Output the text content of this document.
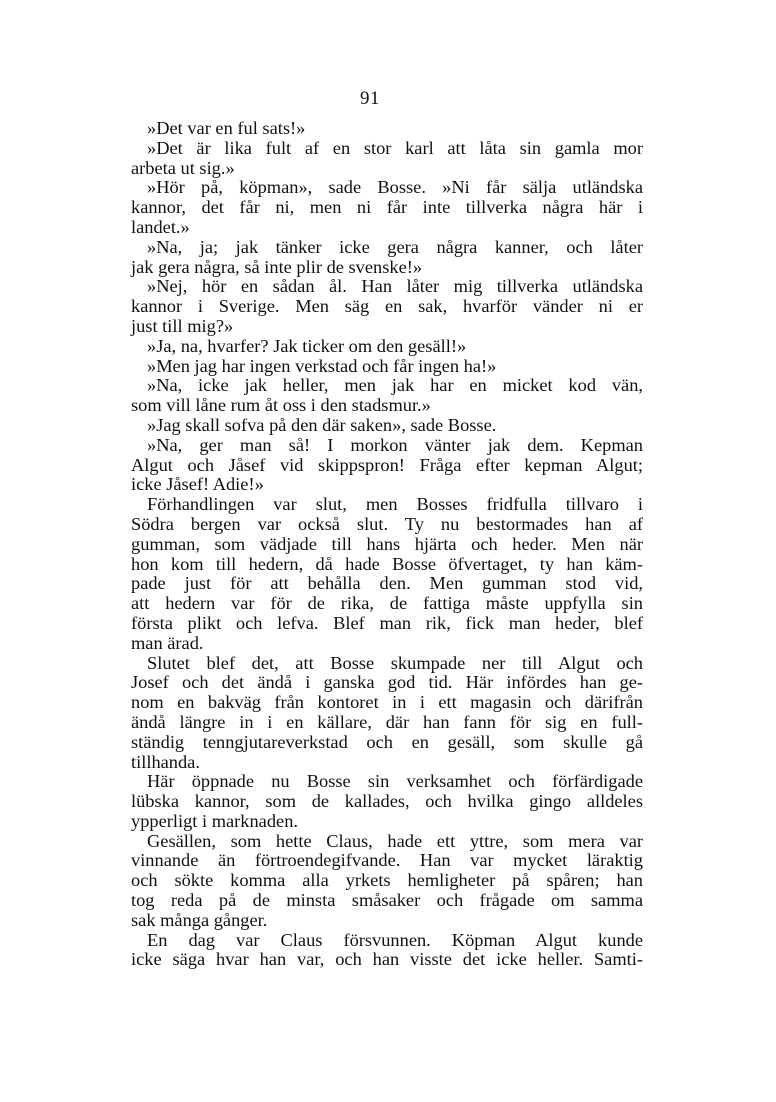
91
»Det var en ful sats!»
»Det är lika fult af en stor karl att låta sin gamla mor
arbeta ut sig.»
»Hör på, köpman», sade Bosse. »Ni får sälja utländska
kannor, det får ni, men ni får inte tillverka några här i
landet.»
»Na, ja; jak tänker icke gera några kanner, och låter
jak gera några, så inte plir de svenske!»
»Nej, hör en sådan ål. Han låter mig tillverka utländska
kannor i Sverige. Men säg en sak, hvarför vänder ni er
just till mig?»
»Ja, na, hvarfer? Jak ticker om den gesäll!»
»Men jag har ingen verkstad och får ingen ha!»
»Na, icke jak heller, men jak har en micket kod vän,
som vill låne rum åt oss i den stadsmur.»
»Jag skall sofva på den där saken», sade Bosse.
»Na, ger man så! I morkon vänter jak dem. Kepman
Algut och Jåsef vid skippspron! Fråga efter kepman Algut;
icke Jåsef! Adie!»
Förhandlingen var slut, men Bosses fridfulla tillvaro i
Södra bergen var också slut. Ty nu bestormades han af
gumman, som vädjade till hans hjärta och heder. Men när
hon kom till hedern, då hade Bosse öfvertaget, ty han käm-
pade just för att behålla den. Men gumman stod vid,
att hedern var för de rika, de fattiga måste uppfylla sin
första plikt och lefva. Blef man rik, fick man heder, blef
man ärad.
Slutet blef det, att Bosse skumpade ner till Algut och
Josef och det ändå i ganska god tid. Här infördes han ge-
nom en bakväg från kontoret in i ett magasin och därifrån
ändå längre in i en källare, där han fann för sig en full-
ständig tenngjutareverkstad och en gesäll, som skulle gå
tillhanda.
Här öppnade nu Bosse sin verksamhet och förfärdigade
lübska kannor, som de kallades, och hvilka gingo alldeles
ypperligt i marknaden.
Gesällen, som hette Claus, hade ett yttre, som mera var
vinnande än förtroendegifvande. Han var mycket läraktig
och sökte komma alla yrkets hemligheter på spåren; han
tog reda på de minsta småsaker och frågade om samma
sak många gånger.
En dag var Claus försvunnen. Köpman Algut kunde
icke säga hvar han var, och han visste det icke heller. Samti-
